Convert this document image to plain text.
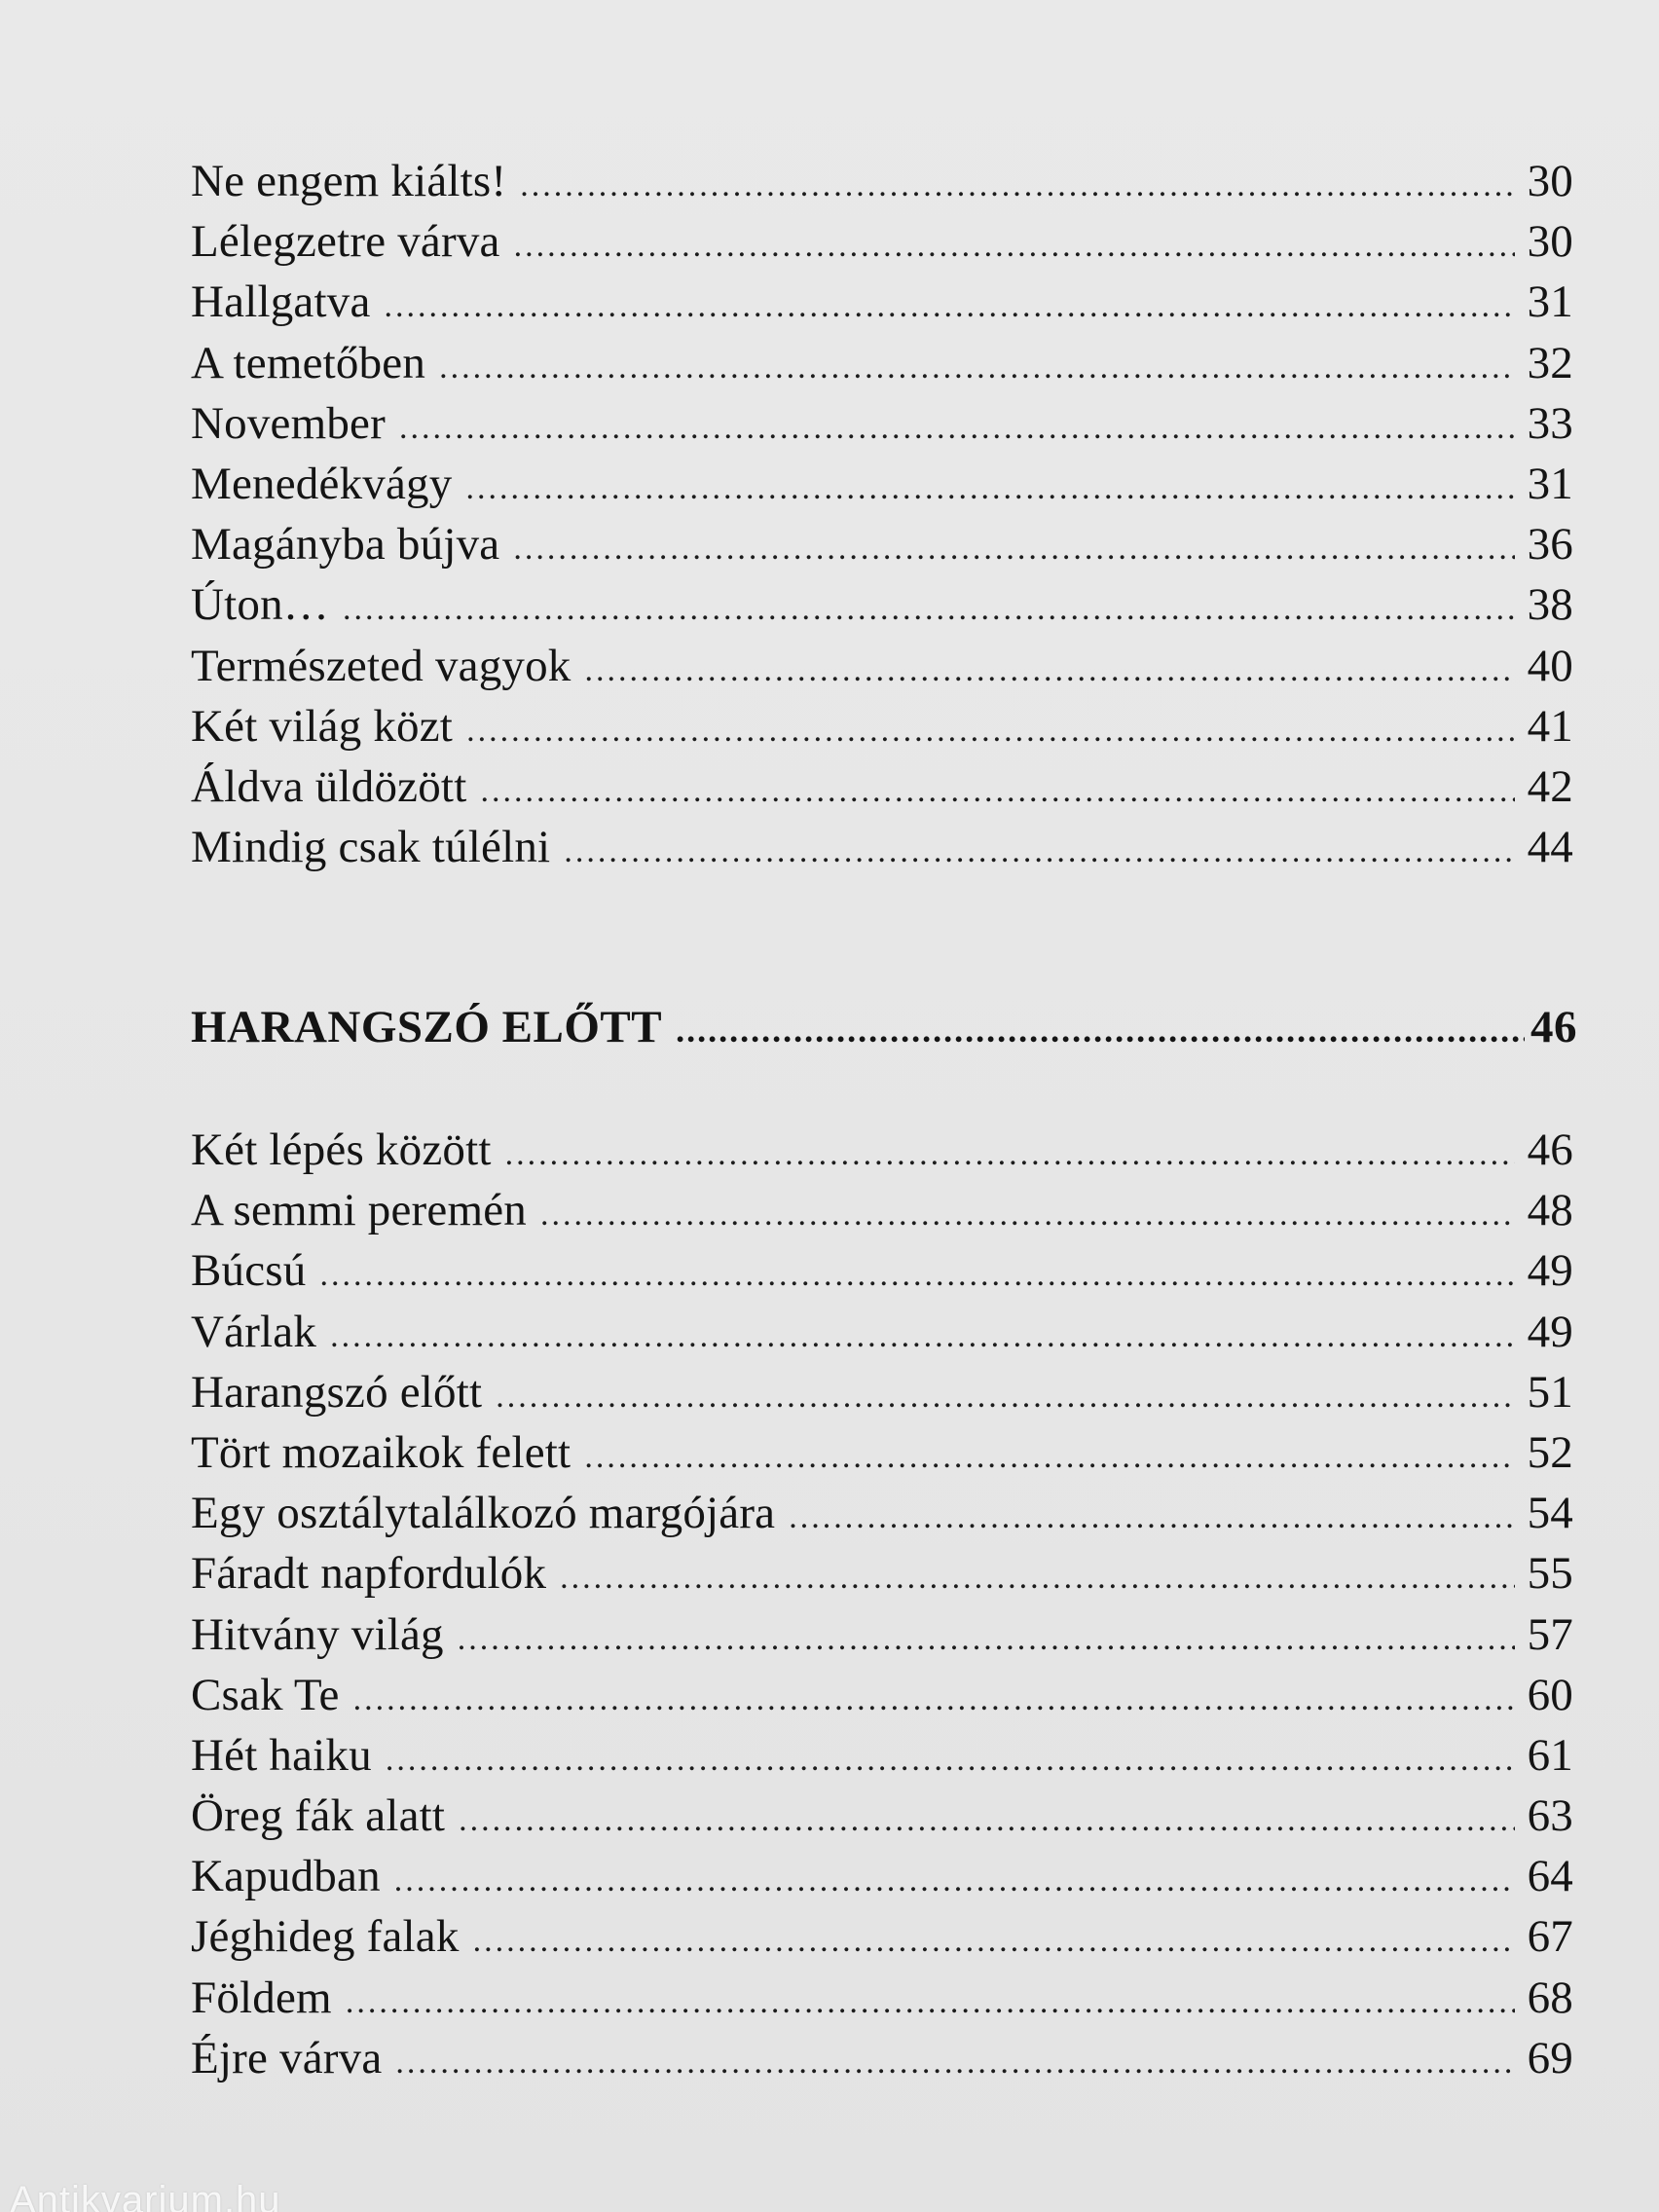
Ne engem kiálts! .....	30
Lélegzetre várva .....	30
Hallgatva .....	31
A temetőben .....	32
November .....	33
Menedékvágy .....	31
Magányba bújva .....	36
Úton… .....	38
Természeted vagyok .....	40
Két világ közt .....	41
Áldva üldözött .....	42
Mindig csak túlélni .....	44
HARANGSZÓ ELŐTT .....	46
Két lépés között .....	46
A semmi peremén .....	48
Búcsú .....	49
Várlak .....	49
Harangszó előtt .....	51
Tört mozaikok felett .....	52
Egy osztálytalálkozó margójára .....	54
Fáradt napfordulók .....	55
Hitvány világ .....	57
Csak Te .....	60
Hét haiku .....	61
Öreg fák alatt .....	63
Kapudban .....	64
Jéghideg falak .....	67
Földem .....	68
Éjre várva .....	69
Antikvarium.hu
